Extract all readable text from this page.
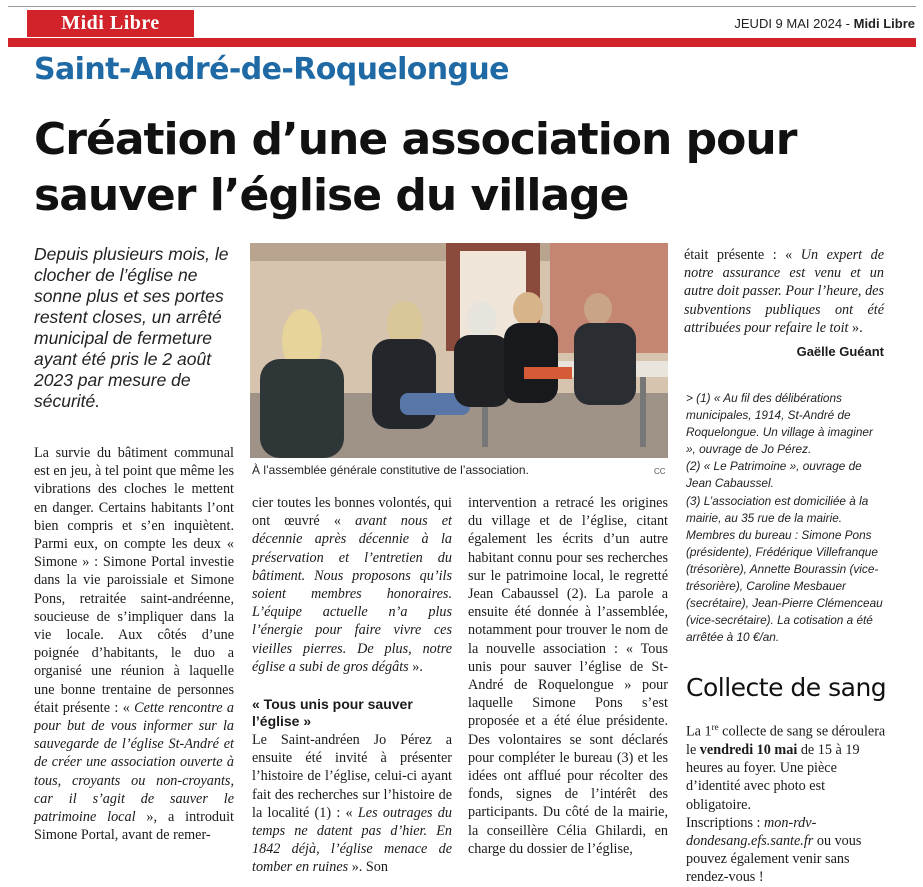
Midi Libre	JEUDI 9 MAI 2024 - Midi Libre
Saint-André-de-Roquelongue
Création d’une association pour sauver l’église du village
Depuis plusieurs mois, le clocher de l’église ne sonne plus et ses portes restent closes, un arrêté municipal de fermeture ayant été pris le 2 août 2023 par mesure de sécurité.
À l’assemblée générale constitutive de l’association.	CC

La survie du bâtiment communal est en jeu, à tel point que même les vibrations des cloches le mettent en danger. Certains habitants l’ont bien compris et s’en inquiètent. Parmi eux, on compte les deux « Simone » : Simone Portal investie dans la vie paroissiale et Simone Pons, retraitée saint-andréenne, soucieuse de s’impliquer dans la vie locale. Aux côtés d’une poignée d’habitants, le duo a organisé une réunion à laquelle une bonne trentaine de personnes était présente : « Cette rencontre a pour but de vous informer sur la sauvegarde de l’église St-André et de créer une association ouverte à tous, croyants ou non-croyants, car il s’agit de sauver le patrimoine local », a introduit Simone Portal, avant de remer-

cier toutes les bonnes volontés, qui ont œuvré « avant nous et décennie après décennie à la préservation et l’entretien du bâtiment. Nous proposons qu’ils soient membres honoraires. L’équipe actuelle n’a plus l’énergie pour faire vivre ces vieilles pierres. De plus, notre église a subi de gros dégâts ».

« Tous unis pour sauver l’église »

Le Saint-andréen Jo Pérez a ensuite été invité à présenter l’histoire de l’église, celui-ci ayant fait des recherches sur l’histoire de la localité (1) : « Les outrages du temps ne datent pas d’hier. En 1842 déjà, l’église menace de tomber en ruines ». Son

intervention a retracé les origines du village et de l’église, citant également les écrits d’un autre habitant connu pour ses recherches sur le patrimoine local, le regretté Jean Cabaussel (2). La parole a ensuite été donnée à l’assemblée, notamment pour trouver le nom de la nouvelle association : « Tous unis pour sauver l’église de St-André de Roquelongue » pour laquelle Simone Pons s’est proposée et a été élue présidente. Des volontaires se sont déclarés pour compléter le bureau (3) et les idées ont afflué pour récolter des fonds, signes de l’intérêt des participants. Du côté de la mairie, la conseillère Célia Ghilardi, en charge du dossier de l’église,

était présente : « Un expert de notre assurance est venu et un autre doit passer. Pour l’heure, des subventions publiques ont été attribuées pour refaire le toit ».

Gaëlle Guéant

> (1) « Au fil des délibérations municipales, 1914, St-André de Roquelongue. Un village à imaginer », ouvrage de Jo Pérez.

(2) « Le Patrimoine », ouvrage de Jean Cabaussel.

(3) L’association est domiciliée à la mairie, au 35 rue de la mairie. Membres du bureau : Simone Pons (présidente), Frédérique Villefranque (trésorière), Annette Bourassin (vice-trésorière), Caroline Mesbauer (secrétaire), Jean-Pierre Clémenceau (vice-secrétaire). La cotisation a été arrêtée à 10 €/an.

Collecte de sang

La 1re collecte de sang se déroulera le vendredi 10 mai de 15 à 19 heures au foyer. Une pièce d’identité avec photo est obligatoire.

Inscriptions : mon-rdv-dondesang.efs.sante.fr ou vous pouvez également venir sans rendez-vous !
